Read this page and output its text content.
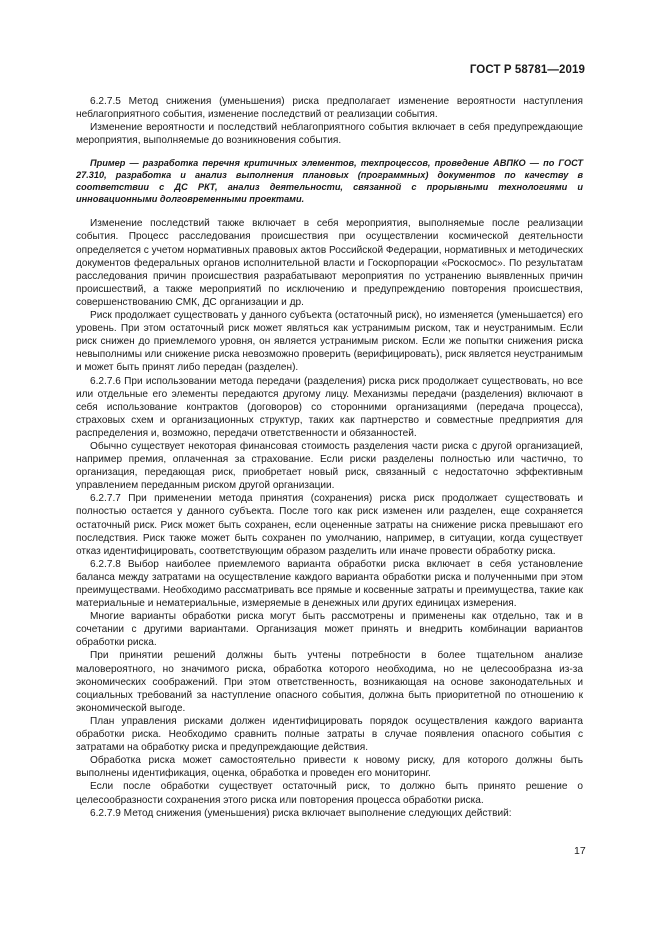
ГОСТ Р 58781—2019

6.2.7.5 Метод снижения (уменьшения) риска предполагает изменение вероятности наступления неблагоприятного события, изменение последствий от реализации события.

Изменение вероятности и последствий неблагоприятного события включает в себя предупреждающие мероприятия, выполняемые до возникновения события.

Пример — разработка перечня критичных элементов, техпроцессов, проведение АВПКО — по ГОСТ 27.310, разработка и анализ выполнения плановых (программных) документов по качеству в соответствии с ДС РКТ, анализ деятельности, связанной с прорывными технологиями и инновационными долговременными проектами.

Изменение последствий также включает в себя мероприятия, выполняемые после реализации события. Процесс расследования происшествия при осуществлении космической деятельности определяется с учетом нормативных правовых актов Российской Федерации, нормативных и методических документов федеральных органов исполнительной власти и Госкорпорации «Роскосмос». По результатам расследования причин происшествия разрабатывают мероприятия по устранению выявленных причин происшествий, а также мероприятий по исключению и предупреждению повторения происшествия, совершенствованию СМК, ДС организации и др.

Риск продолжает существовать у данного субъекта (остаточный риск), но изменяется (уменьшается) его уровень. При этом остаточный риск может являться как устранимым риском, так и неустранимым. Если риск снижен до приемлемого уровня, он является устранимым риском. Если же попытки снижения риска невыполнимы или снижение риска невозможно проверить (верифицировать), риск является неустранимым и может быть принят либо передан (разделен).

6.2.7.6 При использовании метода передачи (разделения) риска риск продолжает существовать, но все или отдельные его элементы передаются другому лицу. Механизмы передачи (разделения) включают в себя использование контрактов (договоров) со сторонними организациями (передача процесса), страховых схем и организационных структур, таких как партнерство и совместные предприятия для распределения и, возможно, передачи ответственности и обязанностей.

Обычно существует некоторая финансовая стоимость разделения части риска с другой организацией, например премия, оплаченная за страхование. Если риски разделены полностью или частично, то организация, передающая риск, приобретает новый риск, связанный с недостаточно эффективным управлением переданным риском другой организации.

6.2.7.7 При применении метода принятия (сохранения) риска риск продолжает существовать и полностью остается у данного субъекта. После того как риск изменен или разделен, еще сохраняется остаточный риск. Риск может быть сохранен, если оцененные затраты на снижение риска превышают его последствия. Риск также может быть сохранен по умолчанию, например, в ситуации, когда существует отказ идентифицировать, соответствующим образом разделить или иначе провести обработку риска.

6.2.7.8 Выбор наиболее приемлемого варианта обработки риска включает в себя установление баланса между затратами на осуществление каждого варианта обработки риска и полученными при этом преимуществами. Необходимо рассматривать все прямые и косвенные затраты и преимущества, такие как материальные и нематериальные, измеряемые в денежных или других единицах измерения.

Многие варианты обработки риска могут быть рассмотрены и применены как отдельно, так и в сочетании с другими вариантами. Организация может принять и внедрить комбинации вариантов обработки риска.

При принятии решений должны быть учтены потребности в более тщательном анализе маловероятного, но значимого риска, обработка которого необходима, но не целесообразна из-за экономических соображений. При этом ответственность, возникающая на основе законодательных и социальных требований за наступление опасного события, должна быть приоритетной по отношению к экономической выгоде.

План управления рисками должен идентифицировать порядок осуществления каждого варианта обработки риска. Необходимо сравнить полные затраты в случае появления опасного события с затратами на обработку риска и предупреждающие действия.

Обработка риска может самостоятельно привести к новому риску, для которого должны быть выполнены идентификация, оценка, обработка и проведен его мониторинг.

Если после обработки существует остаточный риск, то должно быть принято решение о целесообразности сохранения этого риска или повторения процесса обработки риска.

6.2.7.9 Метод снижения (уменьшения) риска включает выполнение следующих действий:

17
